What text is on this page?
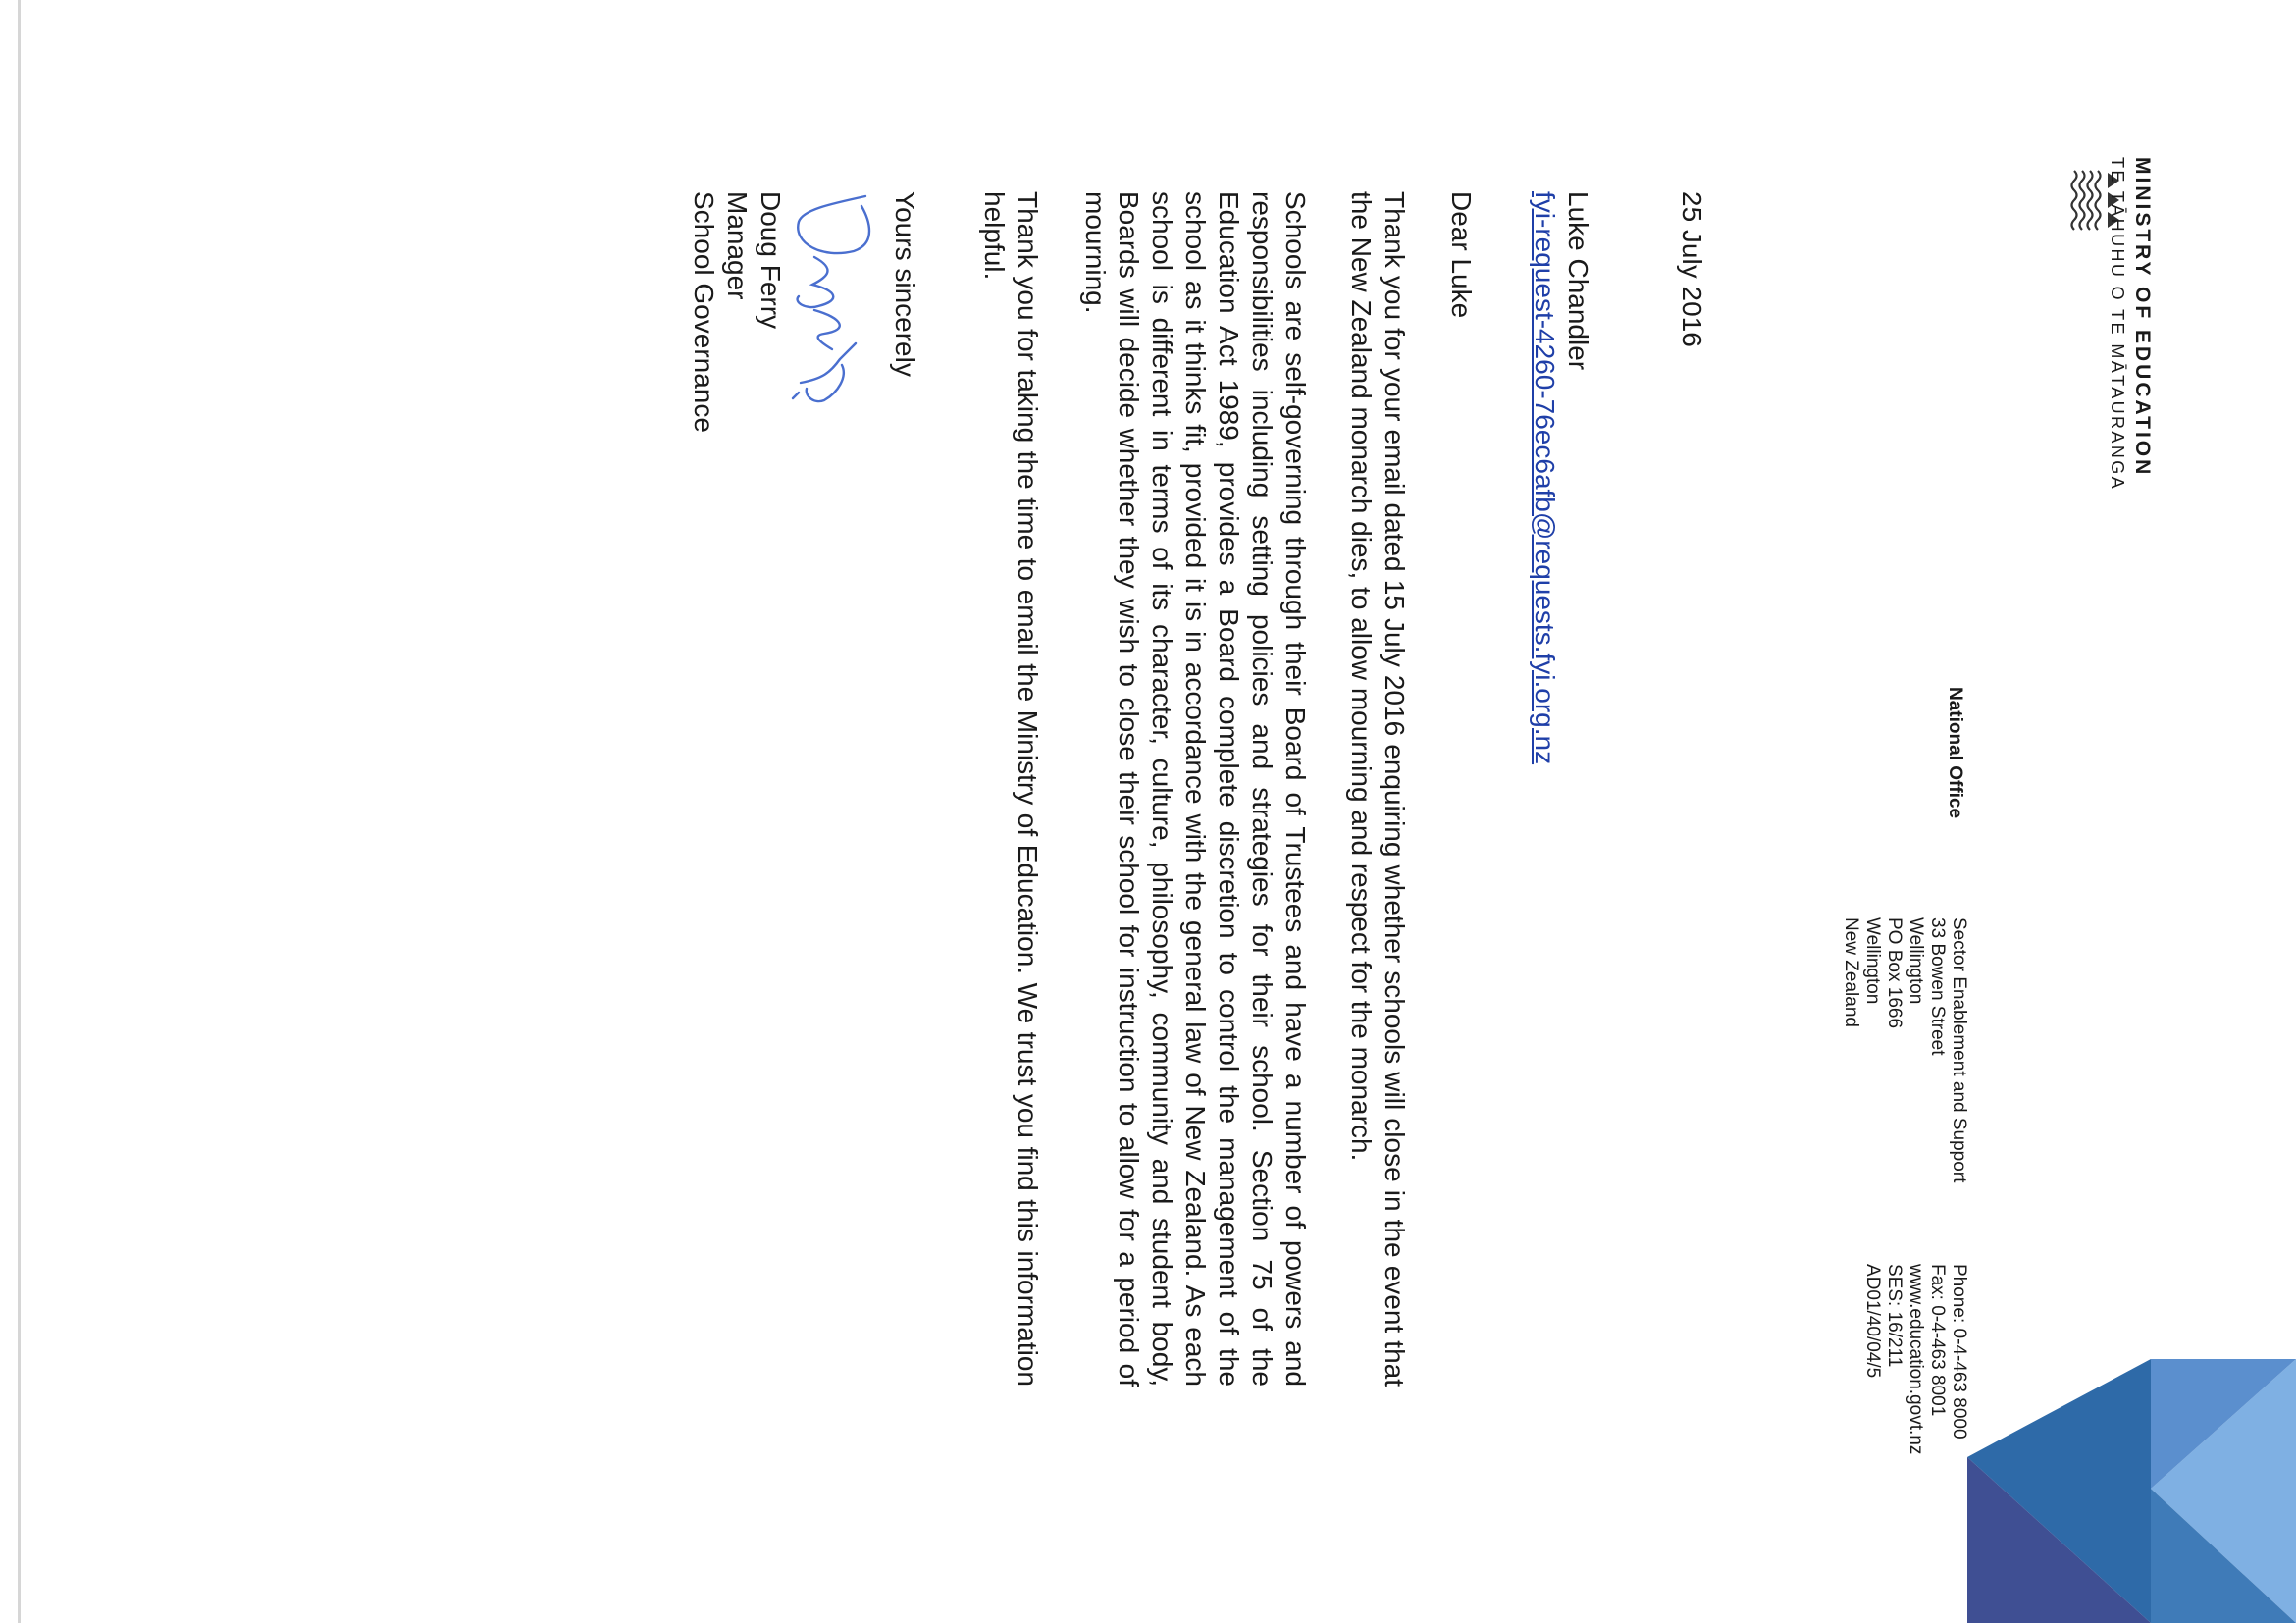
MINISTRY OF EDUCATION
TE TĀHUHU O TE MĀTAURANGA
National Office
Sector Enablement and Support
33 Bowen Street
Wellington
PO Box 1666
Wellington
New Zealand
Phone: 0-4-463 8000
Fax: 0-4-463 8001
www.education.govt.nz
SES: 16/211
AD01/40/04/5
25 July 2016
Luke Chandler
fyi-request-4260-76ec6afb@requests.fyi.org.nz
Dear Luke

Thank you for your email dated 15 July 2016 enquiring whether schools will close in the event that the New Zealand monarch dies, to allow mourning and respect for the monarch.

Schools are self-governing through their Board of Trustees and have a number of powers and responsibilities including setting policies and strategies for their school. Section 75 of the Education Act 1989, provides a Board complete discretion to control the management of the school as it thinks fit, provided it is in accordance with the general law of New Zealand. As each school is different in terms of its character, culture, philosophy, community and student body, Boards will decide whether they wish to close their school for instruction to allow for a period of mourning.

Thank you for taking the time to email the Ministry of Education. We trust you find this information helpful.

Yours sincerely
Doug Ferry
Manager
School Governance
